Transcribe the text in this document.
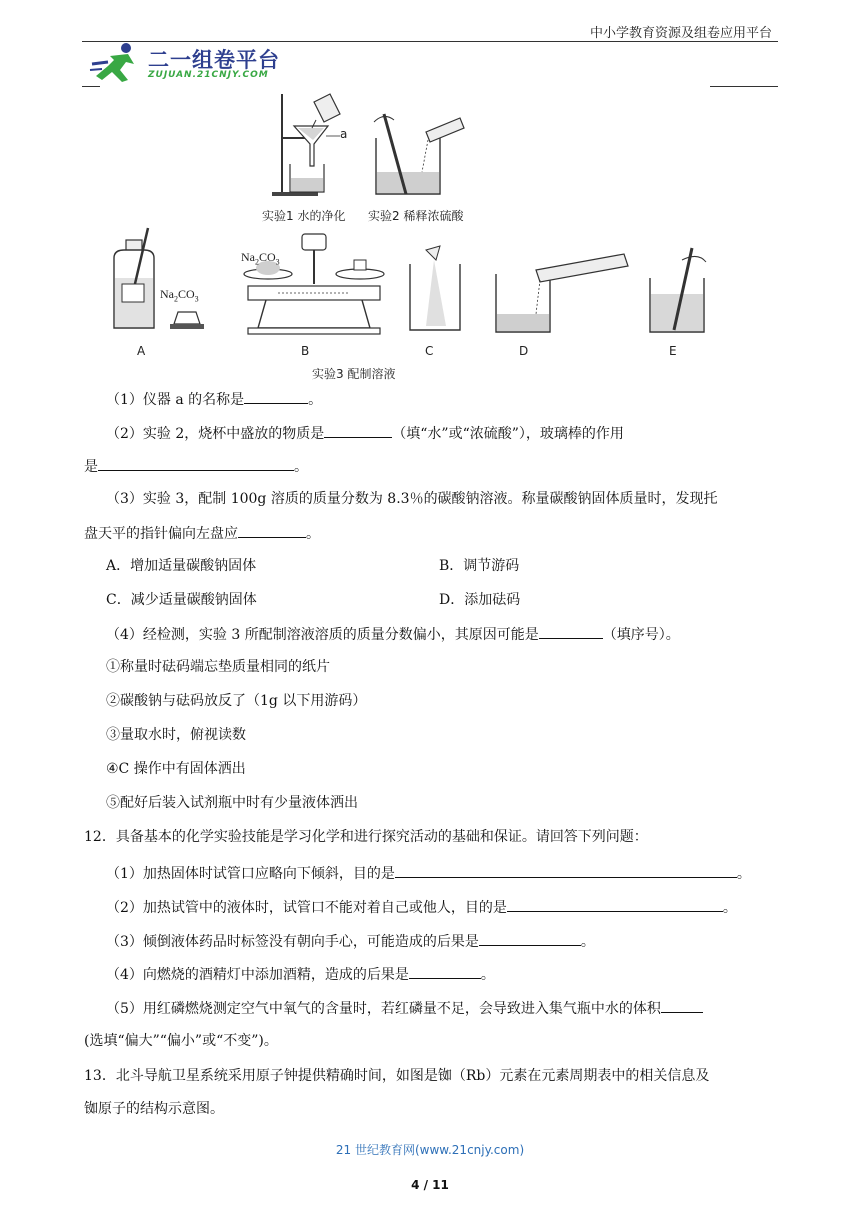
中小学教育资源及组卷应用平台
二一组卷平台
ZUJUAN.21CNJY.COM
a
实验1 水的净化 实验2 稀释浓硫酸
$Na_2CO_3$
$Na_2CO_3$
A	B	C	D	E
实验3 配制溶液
（1）仪器 a 的名称是	。
（2）实验 2，烧杯中盛放的物质是	（填“水”或“浓硫酸”），玻璃棒的作用
是	。
（3）实验 3，配制 100g 溶质的质量分数为 8.3％的碳酸钠溶液。称量碳酸钠固体质量时，发现托
盘天平的指针偏向左盘应	。
A．增加适量碳酸钠固体	B．调节游码
C．减少适量碳酸钠固体	D．添加砝码
（4）经检测，实验 3 所配制溶液溶质的质量分数偏小，其原因可能是	（填序号）。
①称量时砝码端忘垫质量相同的纸片
②碳酸钠与砝码放反了（1g 以下用游码）
③量取水时，俯视读数
④C 操作中有固体洒出
⑤配好后装入试剂瓶中时有少量液体洒出
12．具备基本的化学实验技能是学习化学和进行探究活动的基础和保证。请回答下列问题：
（1）加热固体时试管口应略向下倾斜，目的是	。
（2）加热试管中的液体时，试管口不能对着自己或他人，目的是	。
（3）倾倒液体药品时标签没有朝向手心，可能造成的后果是	。
（4）向燃烧的酒精灯中添加酒精，造成的后果是	。
（5）用红磷燃烧测定空气中氧气的含量时，若红磷量不足，会导致进入集气瓶中水的体积
(选填“偏大”“偏小”或“不变”)。
13．北斗导航卫星系统采用原子钟提供精确时间，如图是铷（Rb）元素在元素周期表中的相关信息及
铷原子的结构示意图。
21 世纪教育网(www.21cnjy.com)
4 / 11
